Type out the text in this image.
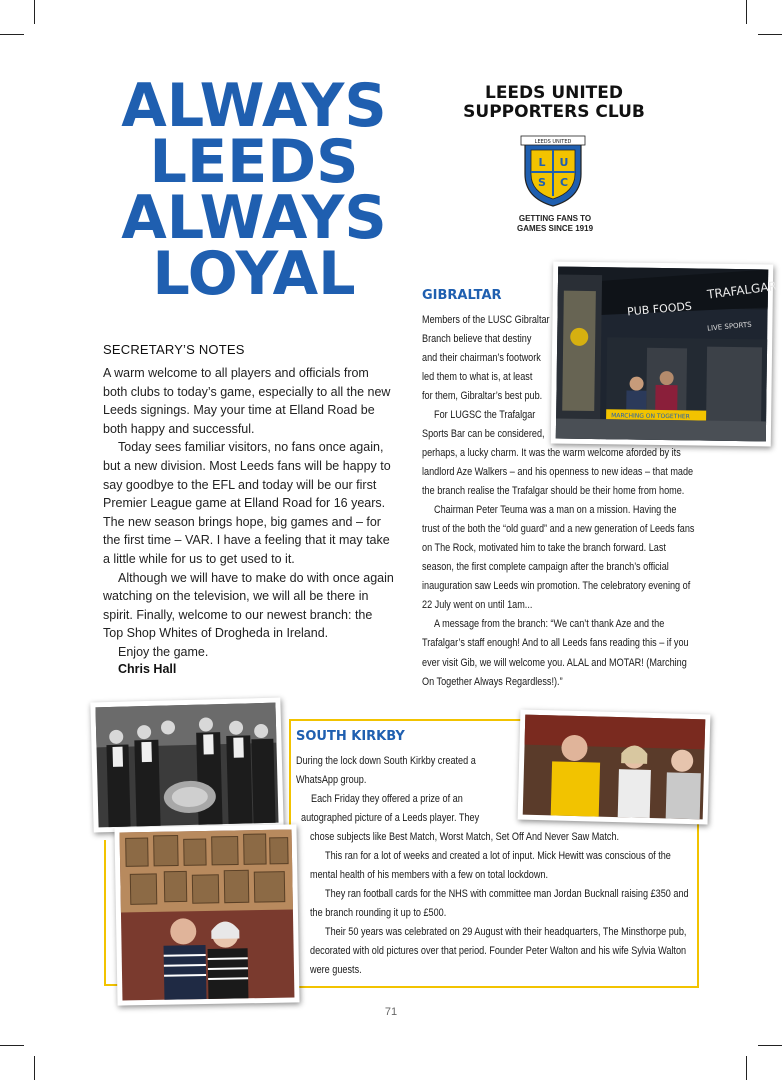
ALWAYS
LEEDS
ALWAYS
LOYAL
LEEDS UNITED
SUPPORTERS CLUB
L U
S C
LEEDS UNITED
GETTING FANS TO
GAMES SINCE 1919
SECRETARY’S NOTES

A warm welcome to all players and officials from both clubs to today’s game, especially to all the new Leeds signings. May your time at Elland Road be both happy and successful.

Today sees familiar visitors, no fans once again, but a new division. Most Leeds fans will be happy to say goodbye to the EFL and today will be our first Premier League game at Elland Road for 16 years. The new season brings hope, big games and – for the first time – VAR. I have a feeling that it may take a little while for us to get used to it.

Although we will have to make do with once again watching on the television, we will all be there in spirit. Finally, welcome to our newest branch: the Top Shop Whites of Drogheda in Ireland.

Enjoy the game.

Chris Hall
GIBRALTAR

Members of the LUSC Gibraltar

Branch believe that destiny

and their chairman’s footwork

led them to what is, at least

for them, Gibraltar’s best pub.

For LUGSC the Trafalgar

Sports Bar can be considered,

perhaps, a lucky charm. It was the warm welcome aforded by its landlord Aze Walkers – and his openness to new ideas – that made the branch realise the Trafalgar should be their home from home.

Chairman Peter Teuma was a man on a mission. Having the trust of the both the “old guard” and a new generation of Leeds fans on The Rock, motivated him to take the branch forward. Last season, the first complete campaign after the branch’s official inauguration saw Leeds win promotion. The celebratory evening of 22 July went on until 1am...

A message from the branch: “We can’t thank Aze and the Trafalgar’s staff enough! And to all Leeds fans reading this – if you ever visit Gib, we will welcome you. ALAL and MOTAR! (Marching On Together Always Regardless!).”

TRAFALGAR
PUB FOODS
LIVE SPORTS
MARCHING ON TOGETHER
SOUTH KIRKBY
During the lock down South Kirkby created a
WhatsApp group.
Each Friday they offered a prize of an
autographed picture of a Leeds player. They
chose subjects like Best Match, Worst Match, Set Off And Never Saw Match.
This ran for a lot of weeks and created a lot of input. Mick Hewitt was conscious of the
mental health of his members with a few on total lockdown.
They ran football cards for the NHS with committee man Jordan Bucknall raising £350 and
the branch rounding it up to £500.
Their 50 years was celebrated on 29 August with their headquarters, The Minsthorpe pub,
decorated with old pictures over that period. Founder Peter Walton and his wife Sylvia Walton
were guests.
71
